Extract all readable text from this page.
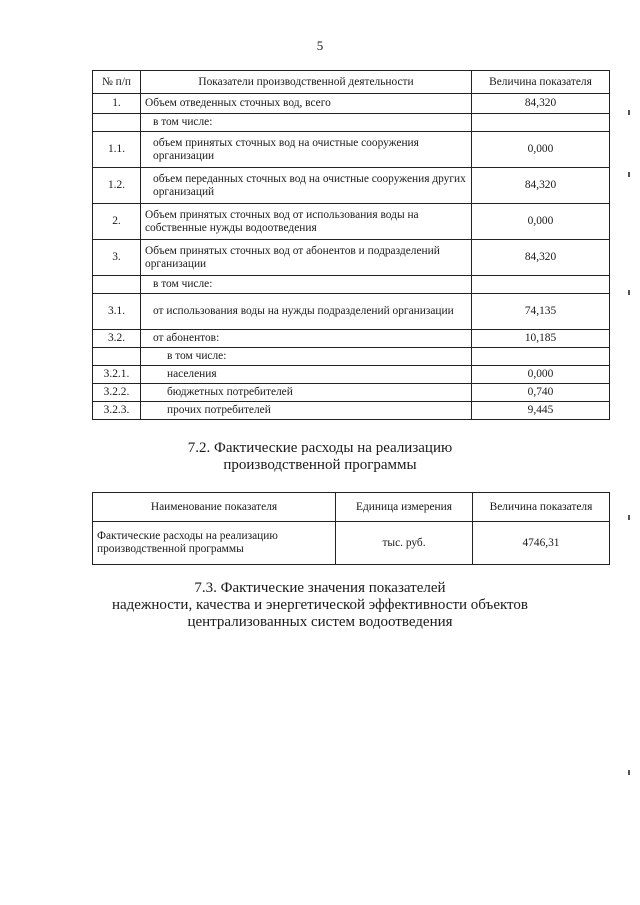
5
№ п/п	Показатели производственной деятельности	Величина показателя
1.	Объем отведенных сточных вод, всего	84,320
	в том числе:	
1.1.	объем принятых сточных вод на очистные сооружения организации	0,000
1.2.	объем переданных сточных вод на очистные сооружения других организаций	84,320
2.	Объем принятых сточных вод от использования воды на собственные нужды водоотведения	0,000
3.	Объем принятых сточных вод от абонентов и подразделений организации	84,320
	в том числе:	
3.1.	от использования воды на нужды подразделений организации	74,135
3.2.	от абонентов:	10,185
	в том числе:	
3.2.1.	населения	0,000
3.2.2.	бюджетных потребителей	0,740
3.2.3.	прочих потребителей	9,445
7.2. Фактические расходы на реализацию
производственной программы
Наименование показателя	Единица измерения	Величина показателя
Фактические расходы на реализацию производственной программы	тыс. руб.	4746,31
7.3. Фактические значения показателей
надежности, качества и энергетической эффективности объектов
централизованных систем водоотведения
